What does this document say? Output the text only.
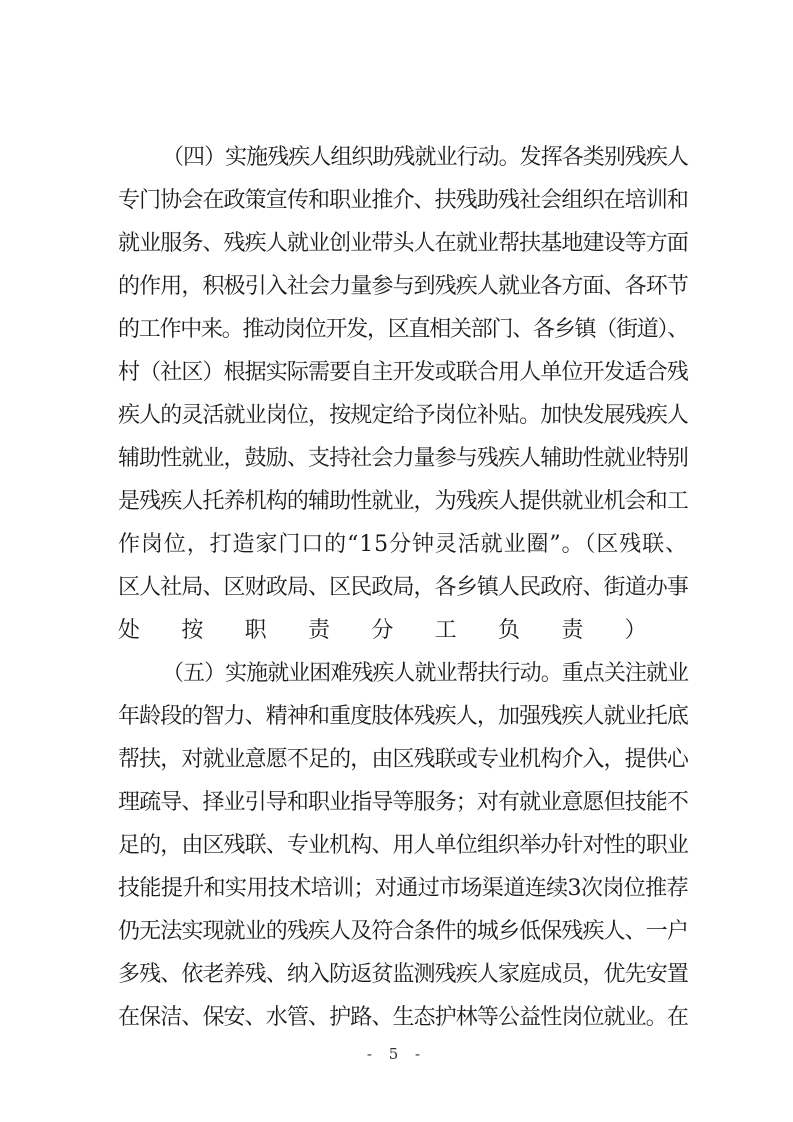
（四）实施残疾人组织助残就业行动。发挥各类别残疾人
专门协会在政策宣传和职业推介、扶残助残社会组织在培训和
就业服务、残疾人就业创业带头人在就业帮扶基地建设等方面
的作用，积极引入社会力量参与到残疾人就业各方面、各环节
的工作中来。推动岗位开发，区直相关部门、各乡镇（街道）、
村（社区）根据实际需要自主开发或联合用人单位开发适合残
疾人的灵活就业岗位，按规定给予岗位补贴。加快发展残疾人
辅助性就业，鼓励、支持社会力量参与残疾人辅助性就业特别
是残疾人托养机构的辅助性就业，为残疾人提供就业机会和工
作岗位，打造家门口的“15分钟灵活就业圈”。（区残联、
区人社局、区财政局、区民政局，各乡镇人民政府、街道办事
处按职责分工负责）
（五）实施就业困难残疾人就业帮扶行动。重点关注就业
年龄段的智力、精神和重度肢体残疾人，加强残疾人就业托底
帮扶，对就业意愿不足的，由区残联或专业机构介入，提供心
理疏导、择业引导和职业指导等服务；对有就业意愿但技能不
足的，由区残联、专业机构、用人单位组织举办针对性的职业
技能提升和实用技术培训；对通过市场渠道连续3次岗位推荐
仍无法实现就业的残疾人及符合条件的城乡低保残疾人、一户
多残、依老养残、纳入防返贫监测残疾人家庭成员，优先安置
在保洁、保安、水管、护路、生态护林等公益性岗位就业。在
- 5 -
